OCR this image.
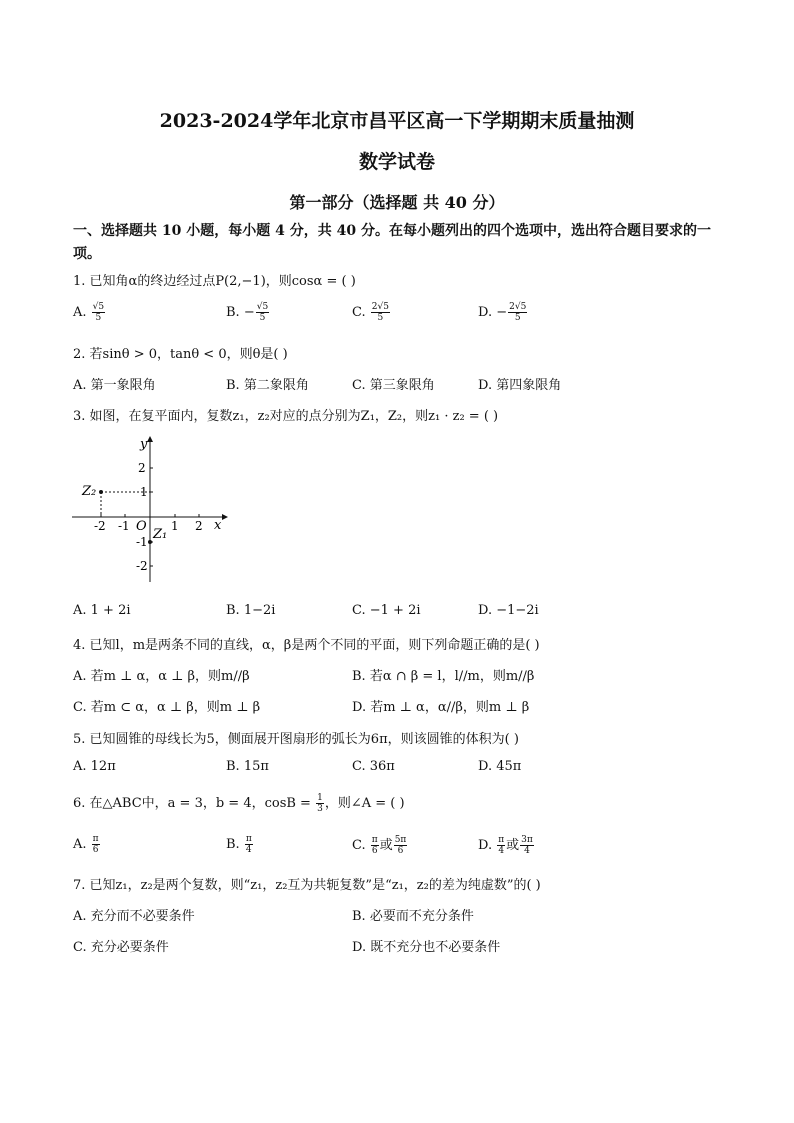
2023-2024学年北京市昌平区高一下学期期末质量抽测
数学试卷
第一部分（选择题 共 40 分）
一、选择题共 10 小题，每小题 4 分，共 40 分。在每小题列出的四个选项中，选出符合题目要求的一项。
1. 已知角α的终边经过点P(2,−1)，则cosα = ( )
A. $\frac{√5}{5}$	B. − $\frac{√5}{5}$	C. $\frac{2√5}{5}$	D. − $\frac{2√5}{5}$
2. 若sinθ > 0，tanθ < 0，则θ是( )
A. 第一象限角	B. 第二象限角	C. 第三象限角	D. 第四象限角
3. 如图，在复平面内，复数z₁，z₂对应的点分别为Z₁，Z₂，则z₁ · z₂ = ( )
x
y
O
-2 -1	1 2
2
1
-1
-2
Z₂
Z₁
A. 1 + 2i	B. 1−2i	C. −1 + 2i	D. −1−2i
4. 已知l，m是两条不同的直线，α，β是两个不同的平面，则下列命题正确的是( )
A. 若m ⊥ α，α ⊥ β，则m//β	B. 若α ∩ β = l，l//m，则m//β
C. 若m ⊂ α，α ⊥ β，则m ⊥ β	D. 若m ⊥ α，α//β，则m ⊥ β
5. 已知圆锥的母线长为5，侧面展开图扇形的弧长为6π，则该圆锥的体积为( )
A. 12π	B. 15π	C. 36π	D. 45π
6. 在△ABC中，a = 3，b = 4，$\cos B = \frac{1}{3}$ ，则∠A = ( )
A. $\frac{\pi}{6}$	B. $\frac{\pi}{4}$	C. $\frac{\pi}{6}$ 或 $\frac{5\pi}{6}$	D. $\frac{\pi}{4}$ 或 $\frac{3\pi}{4}$
7. 已知z₁，z₂是两个复数，则“z₁，z₂互为共轭复数”是“z₁，z₂的差为纯虚数”的( )
A. 充分而不必要条件	B. 必要而不充分条件
C. 充分必要条件	D. 既不充分也不必要条件
